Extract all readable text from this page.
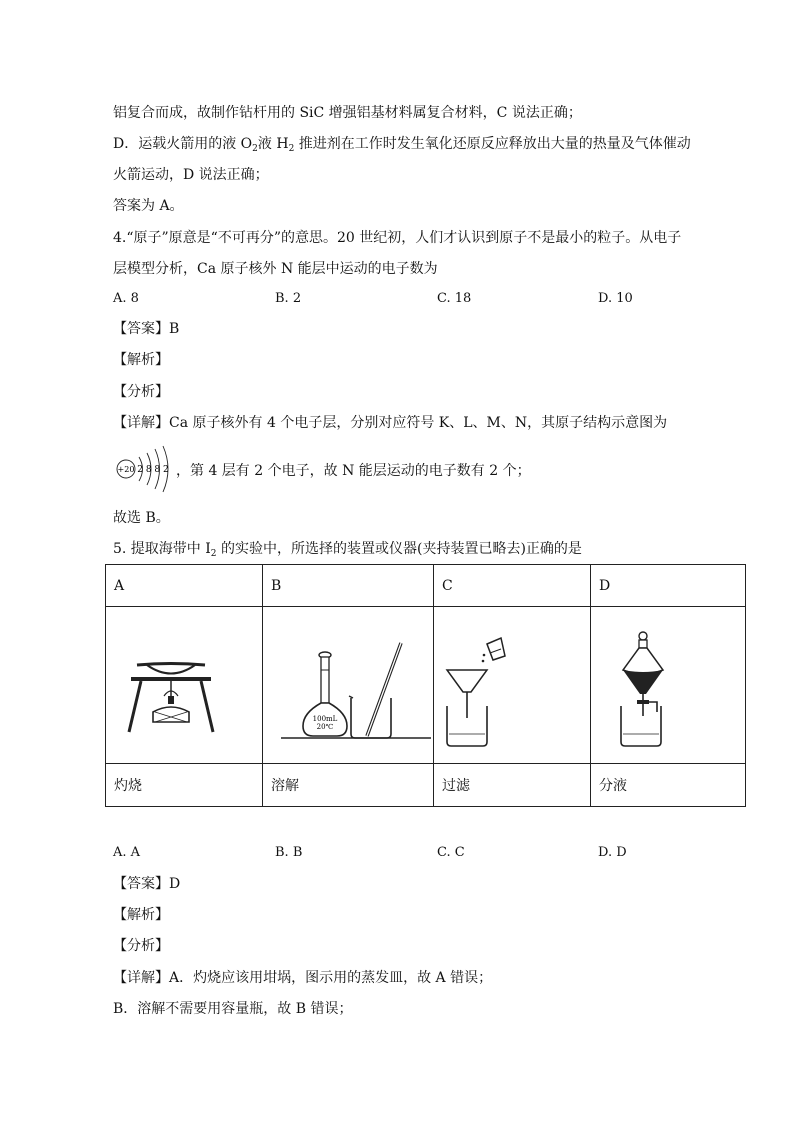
铝复合而成，故制作钻杆用的 SiC 增强铝基材料属复合材料，C 说法正确；
D．运载火箭用的液 $O_2$液 $H_2$ 推进剂在工作时发生氧化还原反应释放出大量的热量及气体催动
火箭运动，D 说法正确；
答案为 A。
4.“原子”原意是“不可再分”的意思。20 世纪初，人们才认识到原子不是最小的粒子。从电子
层模型分析，Ca 原子核外 N 能层中运动的电子数为
A. 8	B. 2	C. 18	D. 10
【答案】B
【解析】
【分析】
【详解】Ca 原子核外有 4 个电子层，分别对应符号 K、L、M、N，其原子结构示意图为
+20 2 8 8 2 ，第 4 层有 2 个电子，故 N 能层运动的电子数有 2 个；
故选 B。
5. 提取海带中 $I_2$ 的实验中，所选择的装置或仪器(夹持装置已略去)正确的是
A	B	C	D

100mL
20℃

灼烧	溶解	过滤	分液
A. A	B. B	C. C	D. D
【答案】D
【解析】
【分析】
【详解】A．灼烧应该用坩埚，图示用的蒸发皿，故 A 错误；
B．溶解不需要用容量瓶，故 B 错误；
